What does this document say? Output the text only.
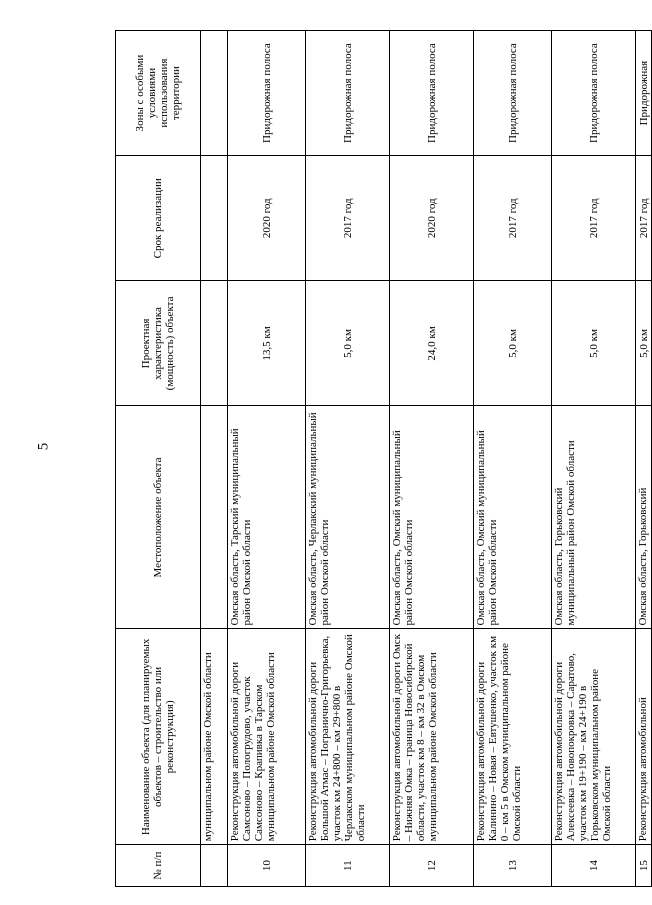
5
№ п/п	Наименование объекта (для планируемых объектов – строительство или реконструкция)	Местоположение объекта	Проектная характеристика (мощность) объекта	Срок реализации	Зоны с особыми условиями использования территории
	муниципальном районе Омской области				
10	Реконструкция автомобильной дороги Самсоново – Пологрудово, участок Самсоново – Крапивка в Тарском муниципальном районе Омской области	Омская область, Тарский муниципальный район Омской области	13,5 км	2020 год	Придорожная полоса
11	Реконструкция автомобильной дороги Большой Атмас – Погранично-Григорьевка, участок км 24+800 – км 29+800 в Черлакском муниципальном районе Омской области	Омская область, Черлакский муниципальный район Омской области	5,0 км	2017 год	Придорожная полоса
12	Реконструкция автомобильной дороги Омск – Нижняя Омка – граница Новосибирской области, участок км 8 – км 32 в Омском муниципальном районе Омской области	Омская область, Омский муниципальный район Омской области	24,0 км	2020 год	Придорожная полоса
13	Реконструкция автомобильной дороги Калинино – Новая – Евтушенко, участок км 0 – км 5 в Омском муниципальном районе Омской области	Омская область, Омский муниципальный район Омской области	5,0 км	2017 год	Придорожная полоса
14	Реконструкция автомобильной дороги Алексеевка – Новопокровка – Саратово, участок км 19+190 – км 24+190 в Горьковском муниципальном районе Омской области	Омская область, Горьковский муниципальный район Омской области	5,0 км	2017 год	Придорожная полоса
15	Реконструкция автомобильной	Омская область, Горьковский	5,0 км	2017 год	Придорожная
